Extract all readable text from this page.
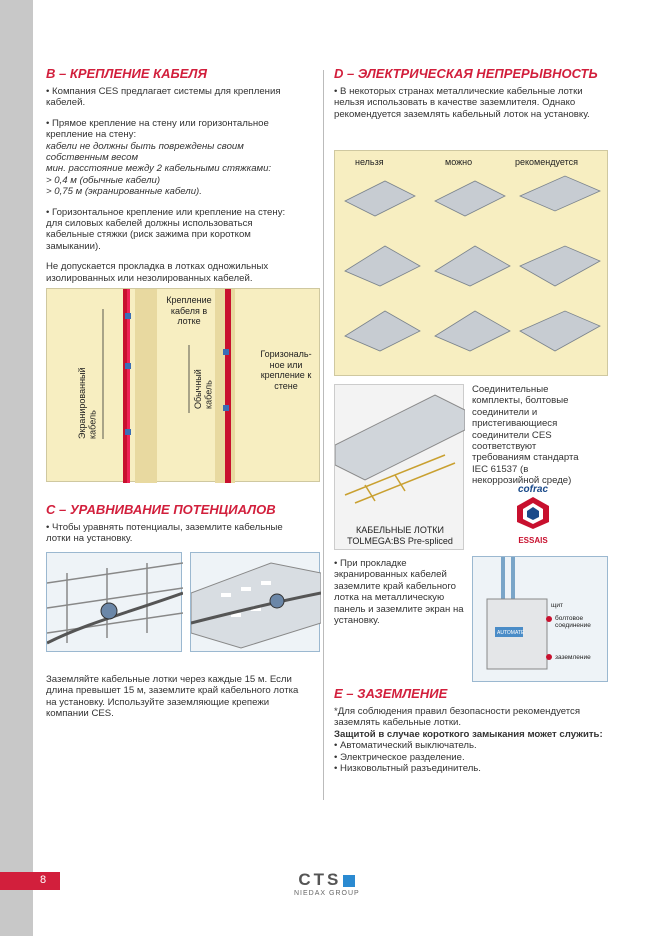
8
B – КРЕПЛЕНИЕ КАБЕЛЯ

• Компания CES предлагает системы для крепления кабелей.

• Прямое крепление на стену или горизонтальное крепление на стену:

кабели не должны быть повреждены своим собственным весом
мин. расстояние между 2 кабельными стяжками:
> 0,4 м (обычные кабели)
> 0,75 м (экранированные кабели).

• Горизонтальное крепление или крепление на стену: для силовых кабелей должны использоваться кабельные стяжки (риск зажима при коротком замыкании).

Не допускается прокладка в лотках одножильных изолированных или незолированных кабелей.

Экранированный кабель
Крепление кабеля в лотке
Обычный кабель
Горизональ-ное или крепление к стене
C – УРАВНИВАНИЕ ПОТЕНЦИАЛОВ
• Чтобы уравнять потенциалы, заземлите кабельные лотки на установку.
Заземляйте кабельные лотки через каждые 15 м. Если длина превышет 15 м, заземлите край кабельного лотка на установку. Используйте заземляющие крепежи компании CES.
D – ЭЛЕКТРИЧЕСКАЯ НЕПРЕРЫВНОСТЬ
• В некоторых странах металлические кабельные лотки нельзя использовать в качестве заземлителя. Однако рекомендуется заземлять кабельный лоток на установку.
нельзя	можно	рекомендуется
КАБЕЛЬНЫЕ ЛОТКИ
TOLMEGA:BS Pre-spliced
Соединительные комплекты, болтовые соединители и пристегивающиеся соединители CES соответствуют требованиям стандарта IEC 61537 (в некоррозийной среде)
cofrac
ESSAIS
• При прокладке экранированных кабелей заземлите край кабельного лотка на металлическую панель и заземлите экран на установку.
щит
AUTOMATE
болтовое соединение
заземление
E – ЗАЗЕМЛЕНИЕ
*Для соблюдения правил безопасности рекомендуется заземлять кабельные лотки.
Защитой в случае короткого замыкания может служить:
• Автоматический выключатель.
• Электрическое разделение.
• Низковольтный разъединитель.
CTS
NIEDAX GROUP
